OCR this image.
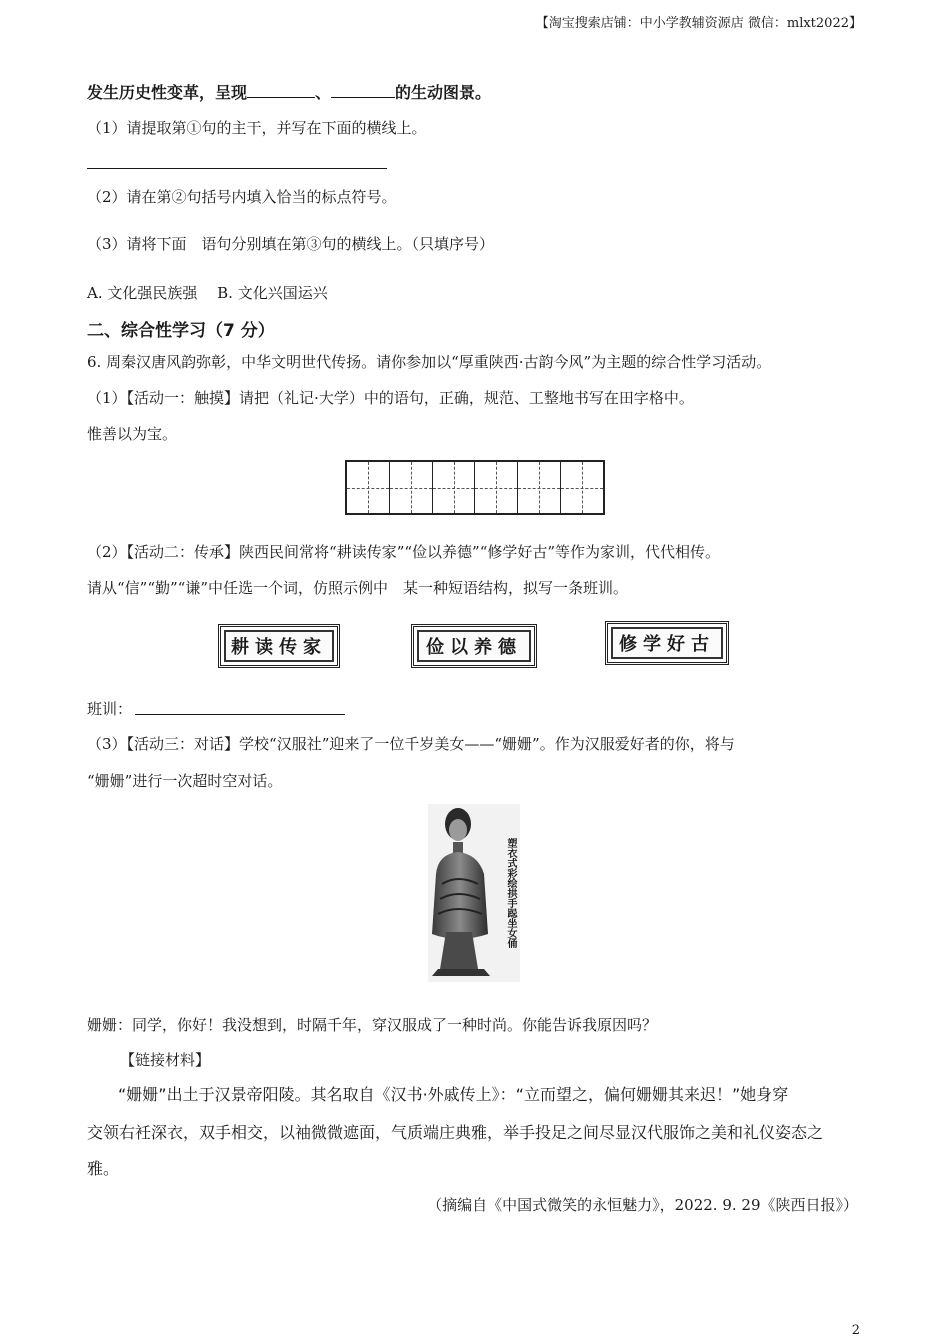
【淘宝搜索店铺：中小学教辅资源店 微信：mlxt2022】
发生历史性变革，呈现	、	的生动图景。
（1）请提取第①句的主干，并写在下面的横线上。
（2）请在第②句括号内填入恰当的标点符号。
（3）请将下面　语句分别填在第③句的横线上。（只填序号）
A. 文化强民族强　 B. 文化兴国运兴
二、综合性学习（7 分）
6. 周秦汉唐风韵弥彰，中华文明世代传扬。请你参加以“厚重陕西·古韵今风”为主题的综合性学习活动。
（1）【活动一：触摸】请把（礼记·大学）中的语句，正确，规范、工整地书写在田字格中。
惟善以为宝。
（2）【活动二：传承】陕西民间常将“耕读传家”“俭以养德”“修学好古”等作为家训，代代相传。
请从“信”“勤”“谦”中任选一个词，仿照示例中　某一种短语结构，拟写一条班训。
耕读传家	俭以养德	修学好古
班训：
（3）【活动三：对话】学校“汉服社”迎来了一位千岁美女——“姗姗”。作为汉服爱好者的你，将与
“姗姗”进行一次超时空对话。
塑衣式彩绘拱手跽坐女俑
姗姗：同学，你好！我没想到，时隔千年，穿汉服成了一种时尚。你能告诉我原因吗？
【链接材料】
“姗姗”出土于汉景帝阳陵。其名取自《汉书·外戚传上》：“立而望之，偏何姗姗其来迟！”她身穿
交领右衽深衣，双手相交，以袖微微遮面，气质端庄典雅，举手投足之间尽显汉代服饰之美和礼仪姿态之
雅。
（摘编自《中国式微笑的永恒魅力》，2022. 9. 29《陕西日报》）
2
